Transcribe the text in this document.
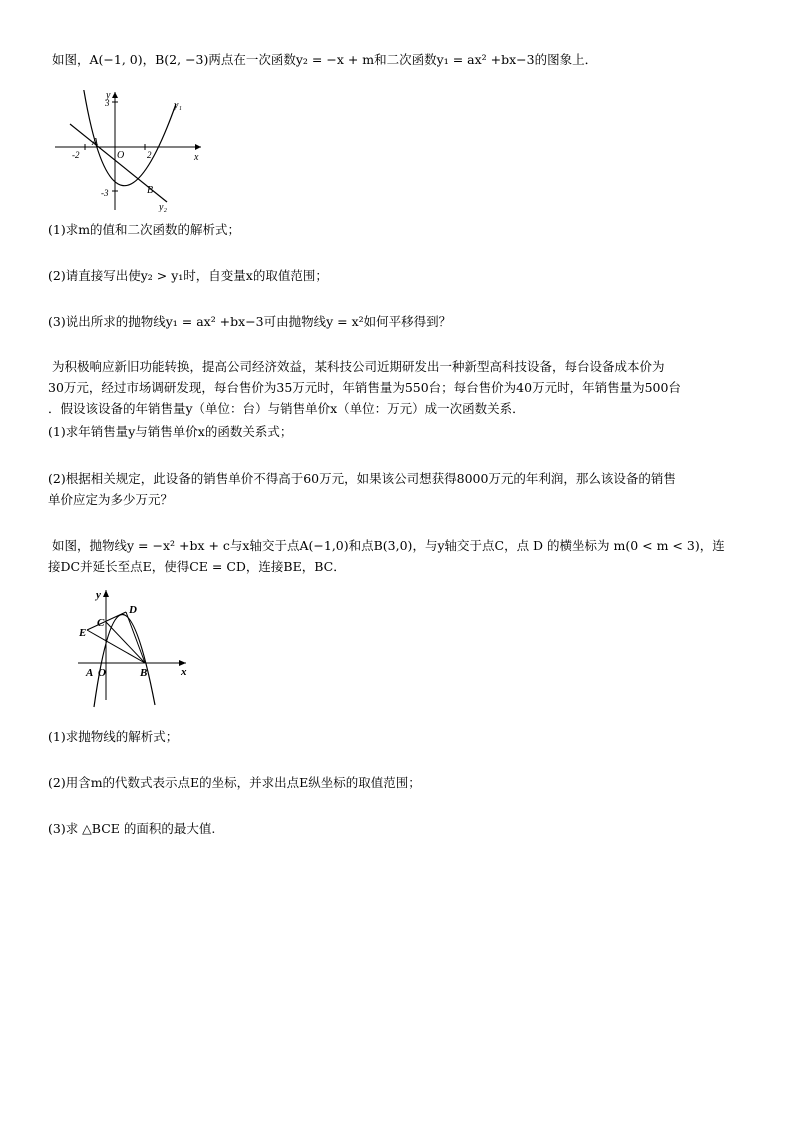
如图，A(−1, 0)，B(2, −3)两点在一次函数y₂ = −x + m和二次函数y₁ = ax² +bx−3的图象上．
y
x
O
3
-2	2
-3
A
B
y₁
y₂
(1)求m的值和二次函数的解析式；
(2)请直接写出使y₂ > y₁时，自变量x的取值范围；
(3)说出所求的抛物线y₁ = ax² +bx−3可由抛物线y = x²如何平移得到？
为积极响应新旧功能转换，提高公司经济效益，某科技公司近期研发出一种新型高科技设备，每台设备成本价为
30万元，经过市场调研发现，每台售价为35万元时，年销售量为550台；每台售价为40万元时，年销售量为500台
．假设该设备的年销售量y（单位：台）与销售单价x（单位：万元）成一次函数关系．
(1)求年销售量y与销售单价x的函数关系式；
(2)根据相关规定，此设备的销售单价不得高于60万元，如果该公司想获得8000万元的年利润，那么该设备的销售
单价应定为多少万元？
如图，抛物线y = −x² +bx + c与x轴交于点A(−1,0)和点B(3,0)，与y轴交于点C，点 D 的横坐标为 m(0 < m < 3)，连
接DC并延长至点E，使得CE = CD，连接BE，BC．
y
x
O
A	B
C
D
E
(1)求抛物线的解析式；
(2)用含m的代数式表示点E的坐标，并求出点E纵坐标的取值范围；
(3)求 △BCE 的面积的最大值.
